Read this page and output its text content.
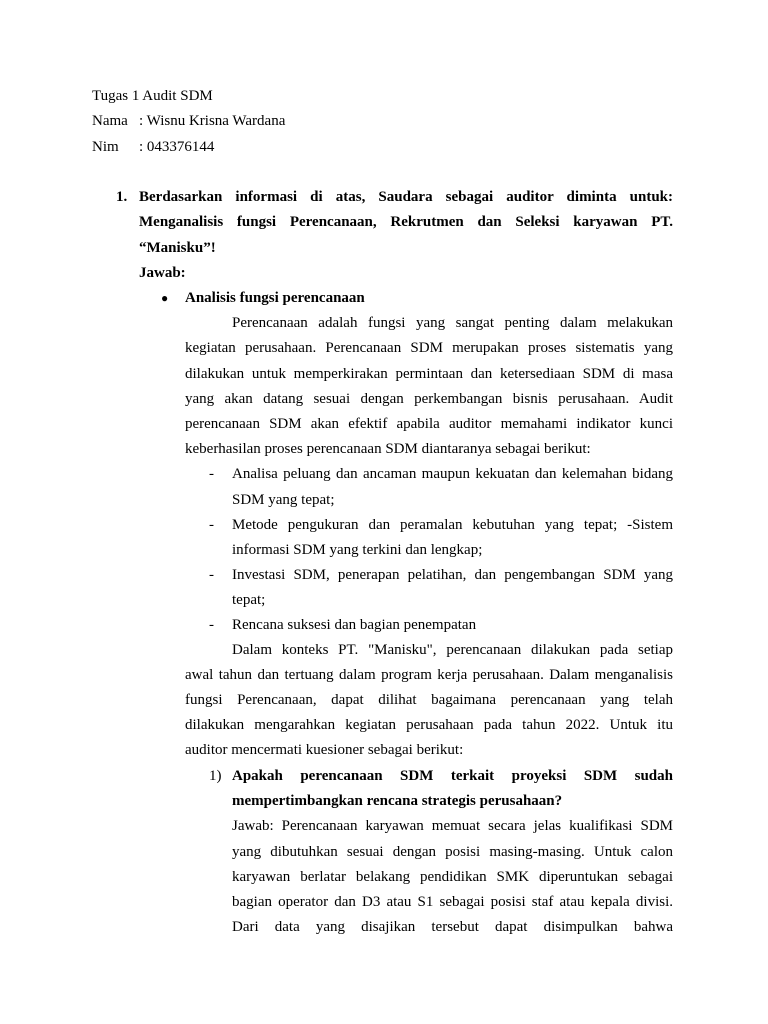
Tugas 1 Audit SDM
Nama : Wisnu Krisna Wardana
Nim : 043376144
1. Berdasarkan informasi di atas, Saudara sebagai auditor diminta untuk:
Menganalisis fungsi Perencanaan, Rekrutmen dan Seleksi karyawan PT.
“Manisku”!
Jawab:
● Analisis fungsi perencanaan
Perencanaan adalah fungsi yang sangat penting dalam melakukan
kegiatan perusahaan. Perencanaan SDM merupakan proses sistematis yang
dilakukan untuk memperkirakan permintaan dan ketersediaan SDM di masa
yang akan datang sesuai dengan perkembangan bisnis perusahaan. Audit
perencanaan SDM akan efektif apabila auditor memahami indikator kunci
keberhasilan proses perencanaan SDM diantaranya sebagai berikut:
- Analisa peluang dan ancaman maupun kekuatan dan kelemahan bidang
SDM yang tepat;
- Metode pengukuran dan peramalan kebutuhan yang tepat; -Sistem
informasi SDM yang terkini dan lengkap;
- Investasi SDM, penerapan pelatihan, dan pengembangan SDM yang
tepat;
- Rencana suksesi dan bagian penempatan
Dalam konteks PT. "Manisku", perencanaan dilakukan pada setiap
awal tahun dan tertuang dalam program kerja perusahaan. Dalam menganalisis
fungsi Perencanaan, dapat dilihat bagaimana perencanaan yang telah
dilakukan mengarahkan kegiatan perusahaan pada tahun 2022. Untuk itu
auditor mencermati kuesioner sebagai berikut:
1) Apakah perencanaan SDM terkait proyeksi SDM sudah
mempertimbangkan rencana strategis perusahaan?
Jawab: Perencanaan karyawan memuat secara jelas kualifikasi SDM
yang dibutuhkan sesuai dengan posisi masing-masing. Untuk calon
karyawan berlatar belakang pendidikan SMK diperuntukan sebagai
bagian operator dan D3 atau S1 sebagai posisi staf atau kepala divisi.
Dari data yang disajikan tersebut dapat disimpulkan bahwa
